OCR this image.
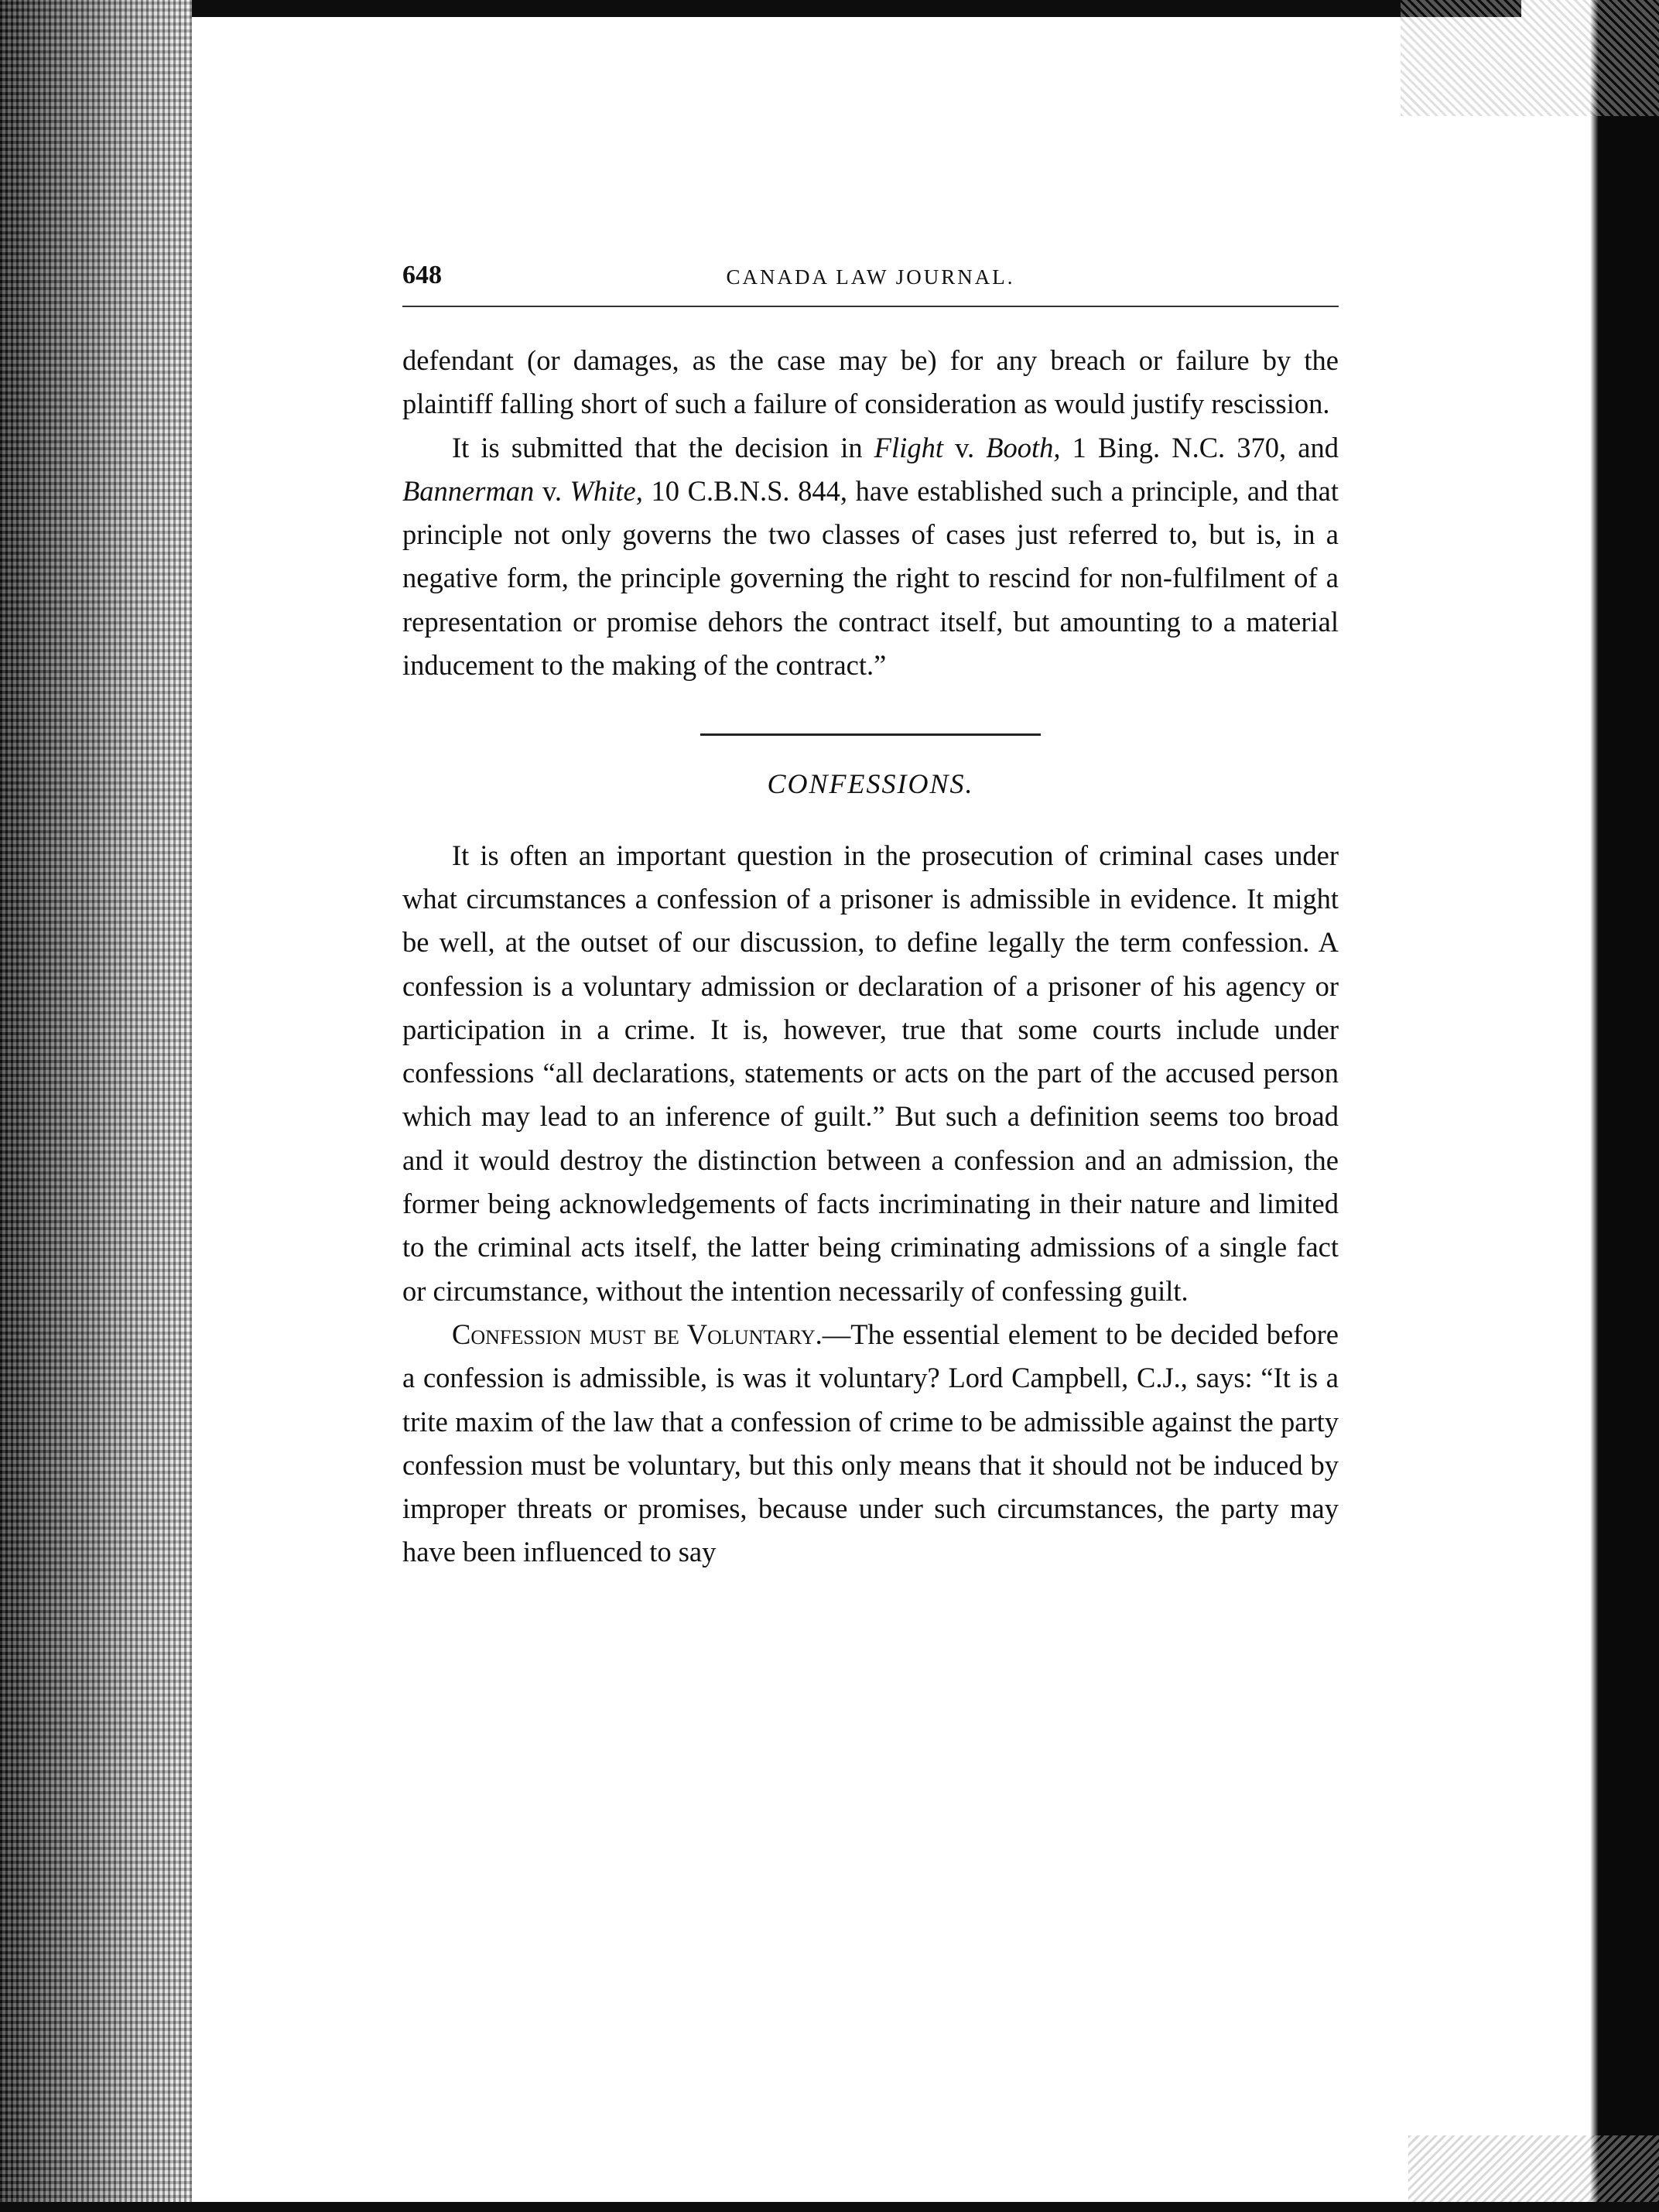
648	CANADA LAW JOURNAL.

defendant (or damages, as the case may be) for any breach or failure by the plaintiff falling short of such a failure of consideration as would justify rescission.

It is submitted that the decision in Flight v. Booth, 1 Bing. N.C. 370, and Bannerman v. White, 10 C.B.N.S. 844, have established such a principle, and that principle not only governs the two classes of cases just referred to, but is, in a negative form, the principle governing the right to rescind for non-fulfilment of a representation or promise dehors the contract itself, but amounting to a material inducement to the making of the contract.”

CONFESSIONS.

It is often an important question in the prosecution of criminal cases under what circumstances a confession of a prisoner is admissible in evidence. It might be well, at the outset of our discussion, to define legally the term confession. A confession is a voluntary admission or declaration of a prisoner of his agency or participation in a crime. It is, however, true that some courts include under confessions “all declarations, statements or acts on the part of the accused person which may lead to an inference of guilt.” But such a definition seems too broad and it would destroy the distinction between a confession and an admission, the former being acknowledgements of facts incriminating in their nature and limited to the criminal acts itself, the latter being criminating admissions of a single fact or circumstance, without the intention necessarily of confessing guilt.

Confession must be Voluntary.—The essential element to be decided before a confession is admissible, is was it voluntary? Lord Campbell, C.J., says: “It is a trite maxim of the law that a confession of crime to be admissible against the party confession must be voluntary, but this only means that it should not be induced by improper threats or promises, because under such circumstances, the party may have been influenced to say
